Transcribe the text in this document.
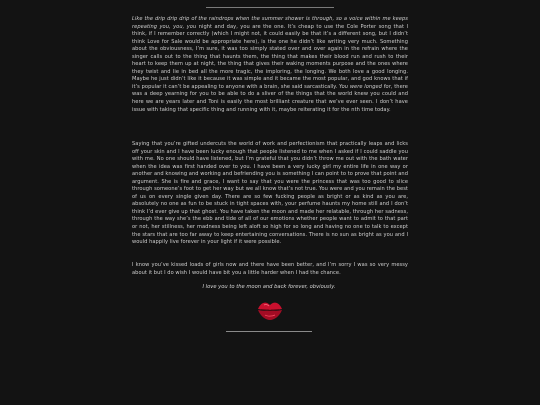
Like the drip drip drip of the raindrops when the summer shower is through, so a voice within me keeps repeating you, you, you night and day, you are the one. It’s cheap to use the Cole Porter song that I think, if I remember correctly (which I might not, it could easily be that it’s a different song, but I didn’t think Love for Sale would be appropriate here), is the one he didn’t like writing very much. Something about the obviousness, I’m sure, it was too simply stated over and over again in the refrain where the singer calls out to the thing that haunts them, the thing that makes their blood run and rush to their heart to keep them up at night, the thing that gives their waking moments purpose and the ones where they twist and lie in bed all the more tragic, the imploring, the longing. We both love a good longing. Maybe he just didn’t like it because it was simple and it became the most popular, and god knows that if it’s popular it can’t be appealing to anyone with a brain, she said sarcastically. You were longed for, there was a deep yearning for you to be able to do a sliver of the things that the world knew you could and here we are years later and Toni is easily the most brilliant creature that we’ve ever seen. I don’t have issue with taking that specific thing and running with it, maybe reiterating it for the nth time today.

Saying that you’re gifted undercuts the world of work and perfectionism that practically leaps and licks off your skin and I have been lucky enough that people listened to me when I asked if I could saddle you with me. No one should have listened, but I’m grateful that you didn’t throw me out with the bath water when the idea was first handed over to you. I have been a very lucky girl my entire life in one way or another and knowing and working and befriending you is something I can point to to prove that point and argument. She is fire and grace, I want to say that you were the princess that was too good to slice through someone’s foot to get her way but we all know that’s not true. You were and you remain the best of us on every single given day. There are so few fucking people as bright or as kind as you are, absolutely no one as fun to be stuck in tight spaces with, your perfume haunts my home still and I don’t think I’d ever give up that ghost. You have taken the moon and made her relatable, through her sadness, through the way she’s the ebb and tide of all of our emotions whether people want to admit to that part or not, her stillness, her madness being left aloft so high for so long and having no one to talk to except the stars that are too far away to keep entertaining conversations. There is no sun as bright as you and I would happily live forever in your light if it were possible.

I know you’ve kissed loads of girls now and there have been better, and I’m sorry I was so very messy about it but I do wish I would have bit you a little harder when I had the chance.

I love you to the moon and back forever, obviously.
